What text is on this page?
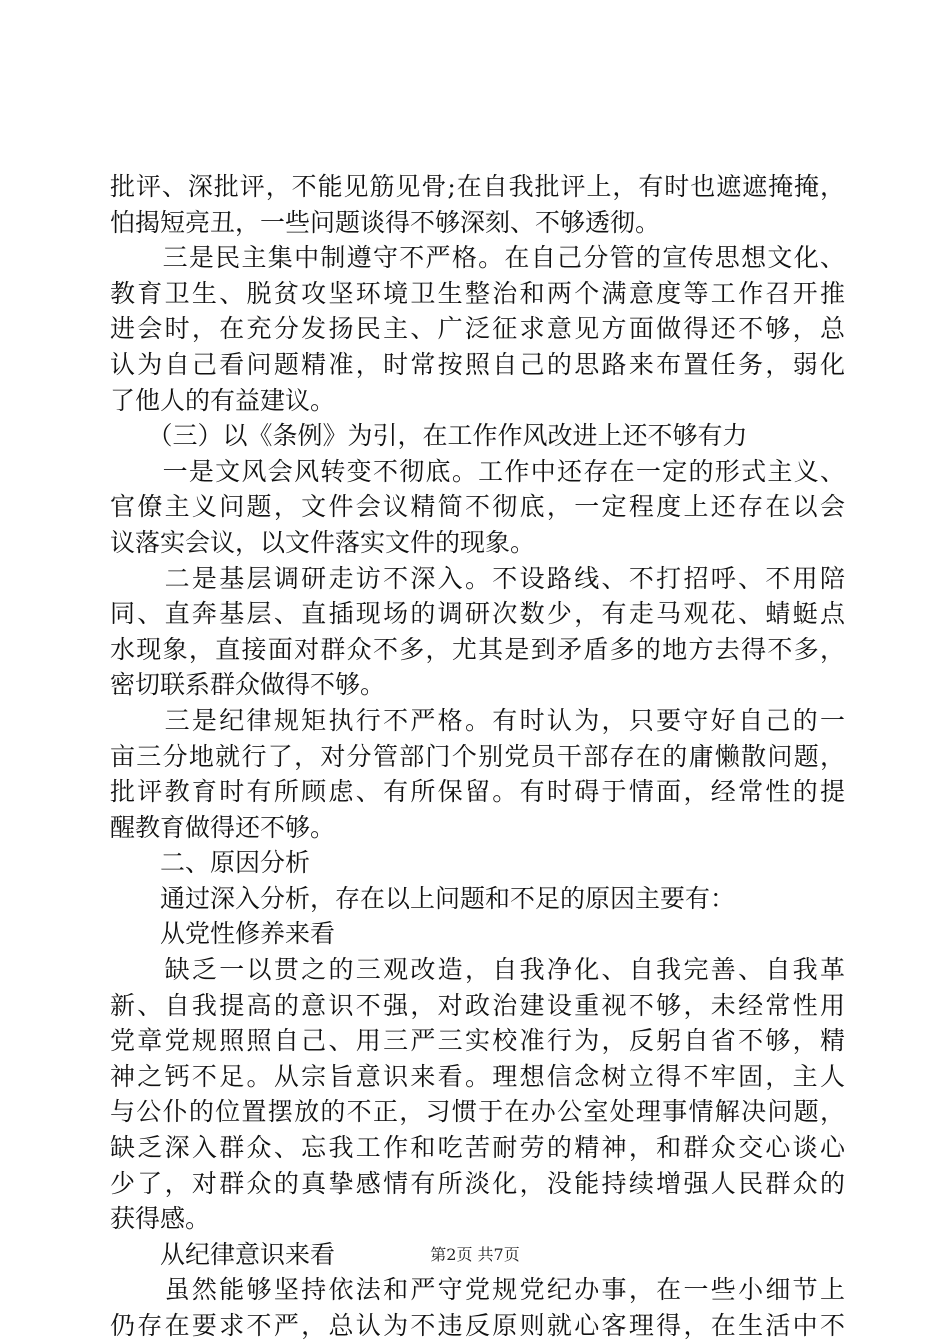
批评、深批评，不能见筋见骨;在自我批评上，有时也遮遮掩掩，
怕揭短亮丑，一些问题谈得不够深刻、不够透彻。
　　三是民主集中制遵守不严格。在自己分管的宣传思想文化、
教育卫生、脱贫攻坚环境卫生整治和两个满意度等工作召开推
进会时，在充分发扬民主、广泛征求意见方面做得还不够，总
认为自己看问题精准，时常按照自己的思路来布置任务，弱化
了他人的有益建议。
　　（三）以《条例》为引，在工作作风改进上还不够有力
　　一是文风会风转变不彻底。工作中还存在一定的形式主义、
官僚主义问题，文件会议精简不彻底，一定程度上还存在以会
议落实会议，以文件落实文件的现象。
　　二是基层调研走访不深入。不设路线、不打招呼、不用陪
同、直奔基层、直插现场的调研次数少，有走马观花、蜻蜓点
水现象，直接面对群众不多，尤其是到矛盾多的地方去得不多，
密切联系群众做得不够。
　　三是纪律规矩执行不严格。有时认为，只要守好自己的一
亩三分地就行了，对分管部门个别党员干部存在的庸懒散问题，
批评教育时有所顾虑、有所保留。有时碍于情面，经常性的提
醒教育做得还不够。
　　二、原因分析
　　通过深入分析，存在以上问题和不足的原因主要有：
　　从党性修养来看
　　缺乏一以贯之的三观改造，自我净化、自我完善、自我革
新、自我提高的意识不强，对政治建设重视不够，未经常性用
党章党规照照自己、用三严三实校准行为，反躬自省不够，精
神之钙不足。从宗旨意识来看。理想信念树立得不牢固，主人
与公仆的位置摆放的不正，习惯于在办公室处理事情解决问题，
缺乏深入群众、忘我工作和吃苦耐劳的精神，和群众交心谈心
少了，对群众的真挚感情有所淡化，没能持续增强人民群众的
获得感。
　　从纪律意识来看
　　虽然能够坚持依法和严守党规党纪办事，在一些小细节上
仍存在要求不严，总认为不违反原则就心客理得，在生活中不
第2页 共7页
